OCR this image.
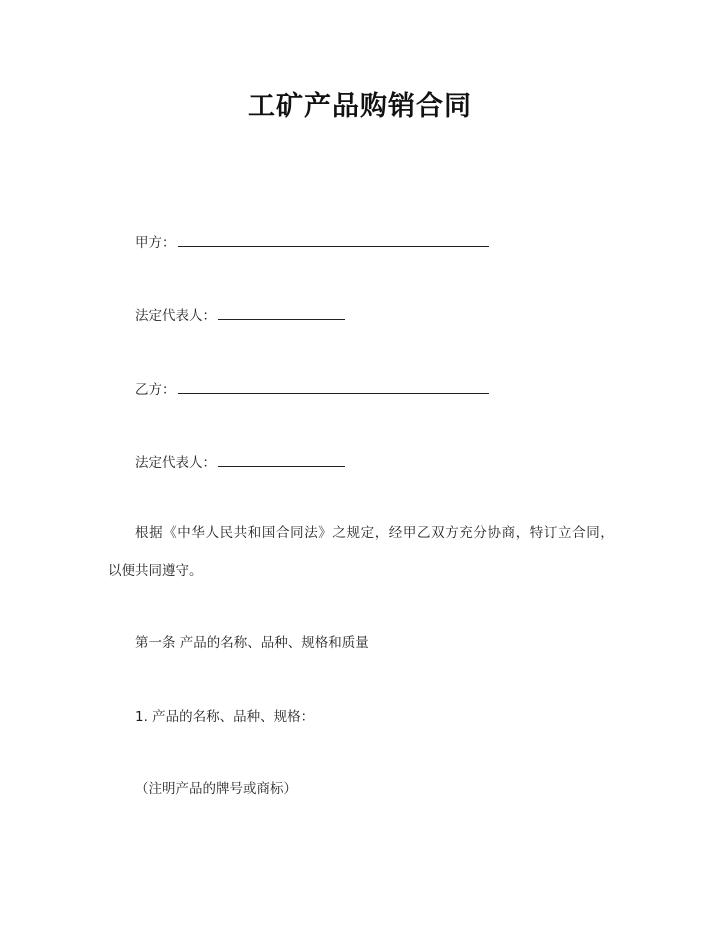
工矿产品购销合同
甲方：
法定代表人：
乙方：
法定代表人：
根据《中华人民共和国合同法》之规定，经甲乙双方充分协商，特订立合同，
以便共同遵守。
第一条 产品的名称、品种、规格和质量
1. 产品的名称、品种、规格：
（注明产品的牌号或商标）
